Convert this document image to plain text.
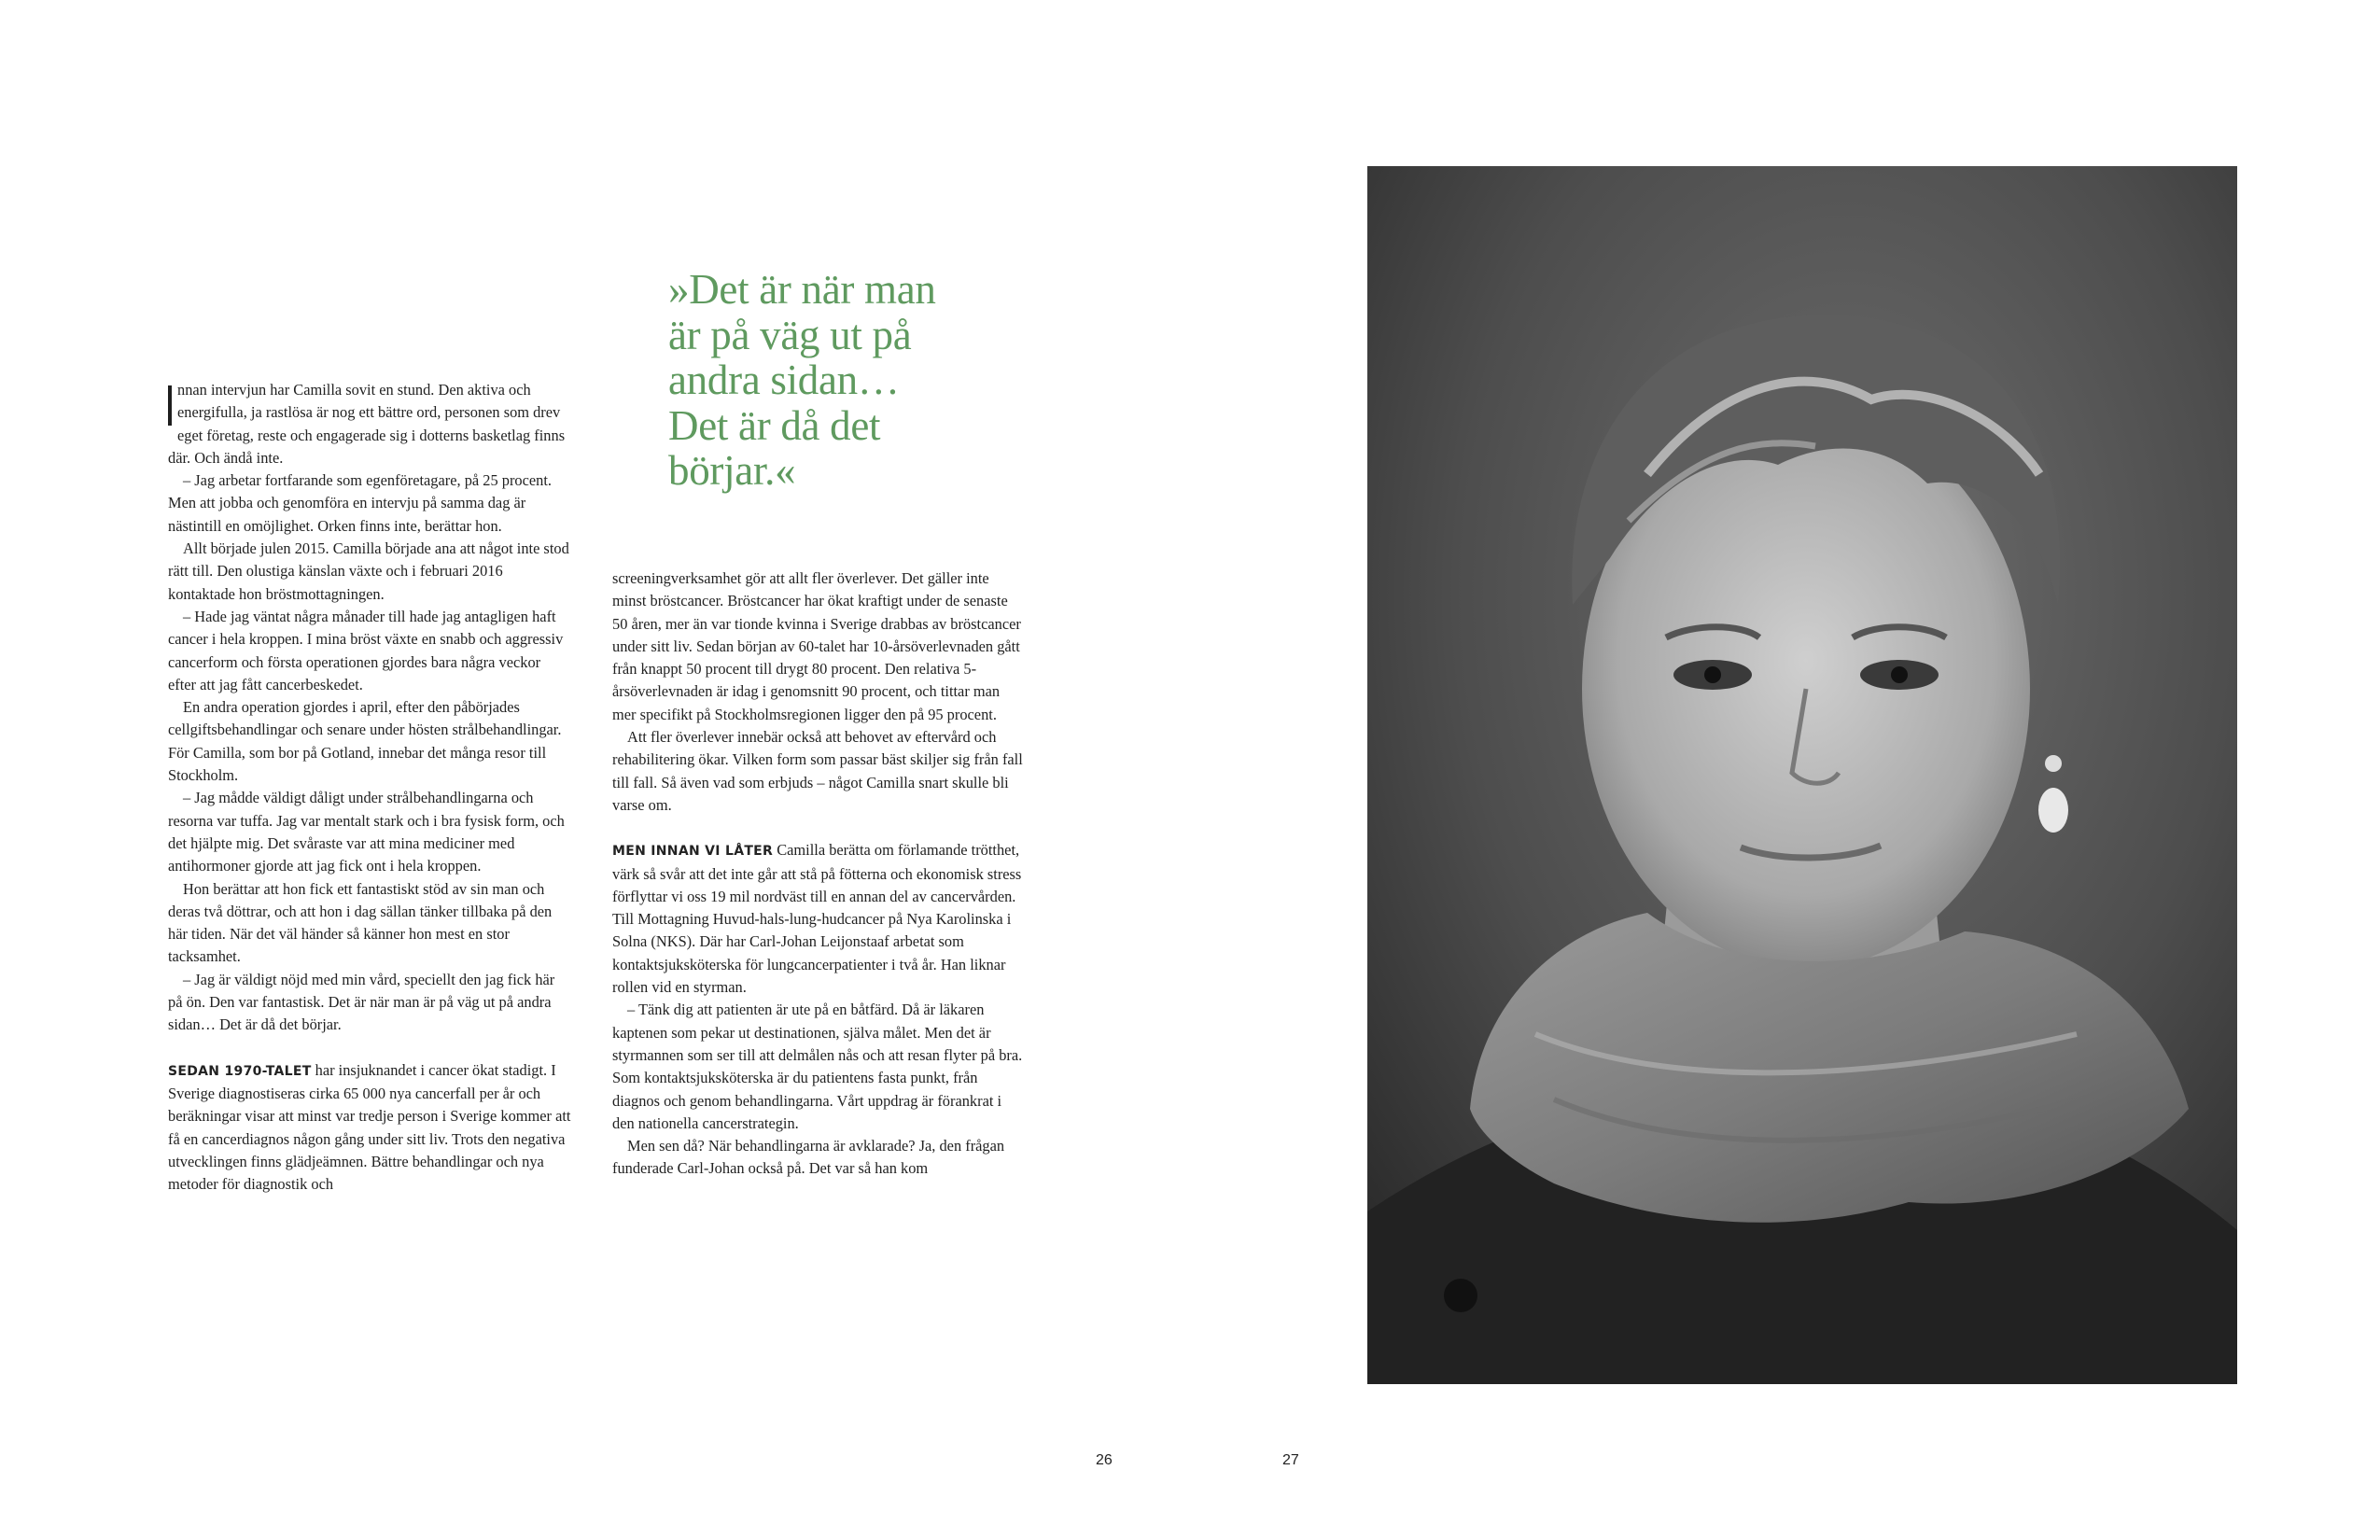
nnan intervjun har Camilla sovit en stund. Den aktiva och energifulla, ja rastlösa är nog ett bättre ord, personen som drev eget företag, reste och engagerade sig i dotterns basketlag finns där. Och ändå inte.

– Jag arbetar fortfarande som egenföretagare, på 25 procent. Men att jobba och genomföra en intervju på samma dag är nästintill en omöjlighet. Orken finns inte, berättar hon.

Allt började julen 2015. Camilla började ana att något inte stod rätt till. Den olustiga känslan växte och i februari 2016 kontaktade hon bröstmottagningen.

– Hade jag väntat några månader till hade jag antagligen haft cancer i hela kroppen. I mina bröst växte en snabb och aggressiv cancerform och första operationen gjordes bara några veckor efter att jag fått cancerbeskedet.

En andra operation gjordes i april, efter den påbörjades cellgiftsbehandlingar och senare under hösten strålbehandlingar. För Camilla, som bor på Gotland, innebar det många resor till Stockholm.

– Jag mådde väldigt dåligt under strålbehandlingarna och resorna var tuffa. Jag var mentalt stark och i bra fysisk form, och det hjälpte mig. Det svåraste var att mina mediciner med antihormoner gjorde att jag fick ont i hela kroppen.

Hon berättar att hon fick ett fantastiskt stöd av sin man och deras två döttrar, och att hon i dag sällan tänker tillbaka på den här tiden. När det väl händer så känner hon mest en stor tacksamhet.

– Jag är väldigt nöjd med min vård, speciellt den jag fick här på ön. Den var fantastisk. Det är när man är på väg ut på andra sidan… Det är då det börjar.

SEDAN 1970-TALET har insjuknandet i cancer ökat stadigt. I Sverige diagnostiseras cirka 65 000 nya cancerfall per år och beräkningar visar att minst var tredje person i Sverige kommer att få en cancerdiagnos någon gång under sitt liv. Trots den negativa utvecklingen finns glädjeämnen. Bättre behandlingar och nya metoder för diagnostik och

»Det är när man
är på väg ut på
andra sidan…
Det är då det
börjar.«

screeningverksamhet gör att allt fler överlever. Det gäller inte minst bröstcancer. Bröstcancer har ökat kraftigt under de senaste 50 åren, mer än var tionde kvinna i Sverige drabbas av bröstcancer under sitt liv. Sedan början av 60-talet har 10-årsöverlevnaden gått från knappt 50 procent till drygt 80 procent. Den relativa 5-årsöverlevnaden är idag i genomsnitt 90 procent, och tittar man mer specifikt på Stockholmsregionen ligger den på 95 procent.

Att fler överlever innebär också att behovet av eftervård och rehabilitering ökar. Vilken form som passar bäst skiljer sig från fall till fall. Så även vad som erbjuds – något Camilla snart skulle bli varse om.

MEN INNAN VI LÅTER Camilla berätta om förlamande trötthet, värk så svår att det inte går att stå på fötterna och ekonomisk stress förflyttar vi oss 19 mil nordväst till en annan del av cancervården. Till Mottagning Huvud-hals-lung-hudcancer på Nya Karolinska i Solna (NKS). Där har Carl-Johan Leijonstaaf arbetat som kontaktsjuksköterska för lungcancerpatienter i två år. Han liknar rollen vid en styrman.

– Tänk dig att patienten är ute på en båtfärd. Då är läkaren kaptenen som pekar ut destinationen, själva målet. Men det är styrmannen som ser till att delmålen nås och att resan flyter på bra. Som kontaktsjuksköterska är du patientens fasta punkt, från diagnos och genom behandlingarna. Vårt uppdrag är förankrat i den nationella cancerstrategin.

Men sen då? När behandlingarna är avklarade? Ja, den frågan funderade Carl-Johan också på. Det var så han kom

26	27
